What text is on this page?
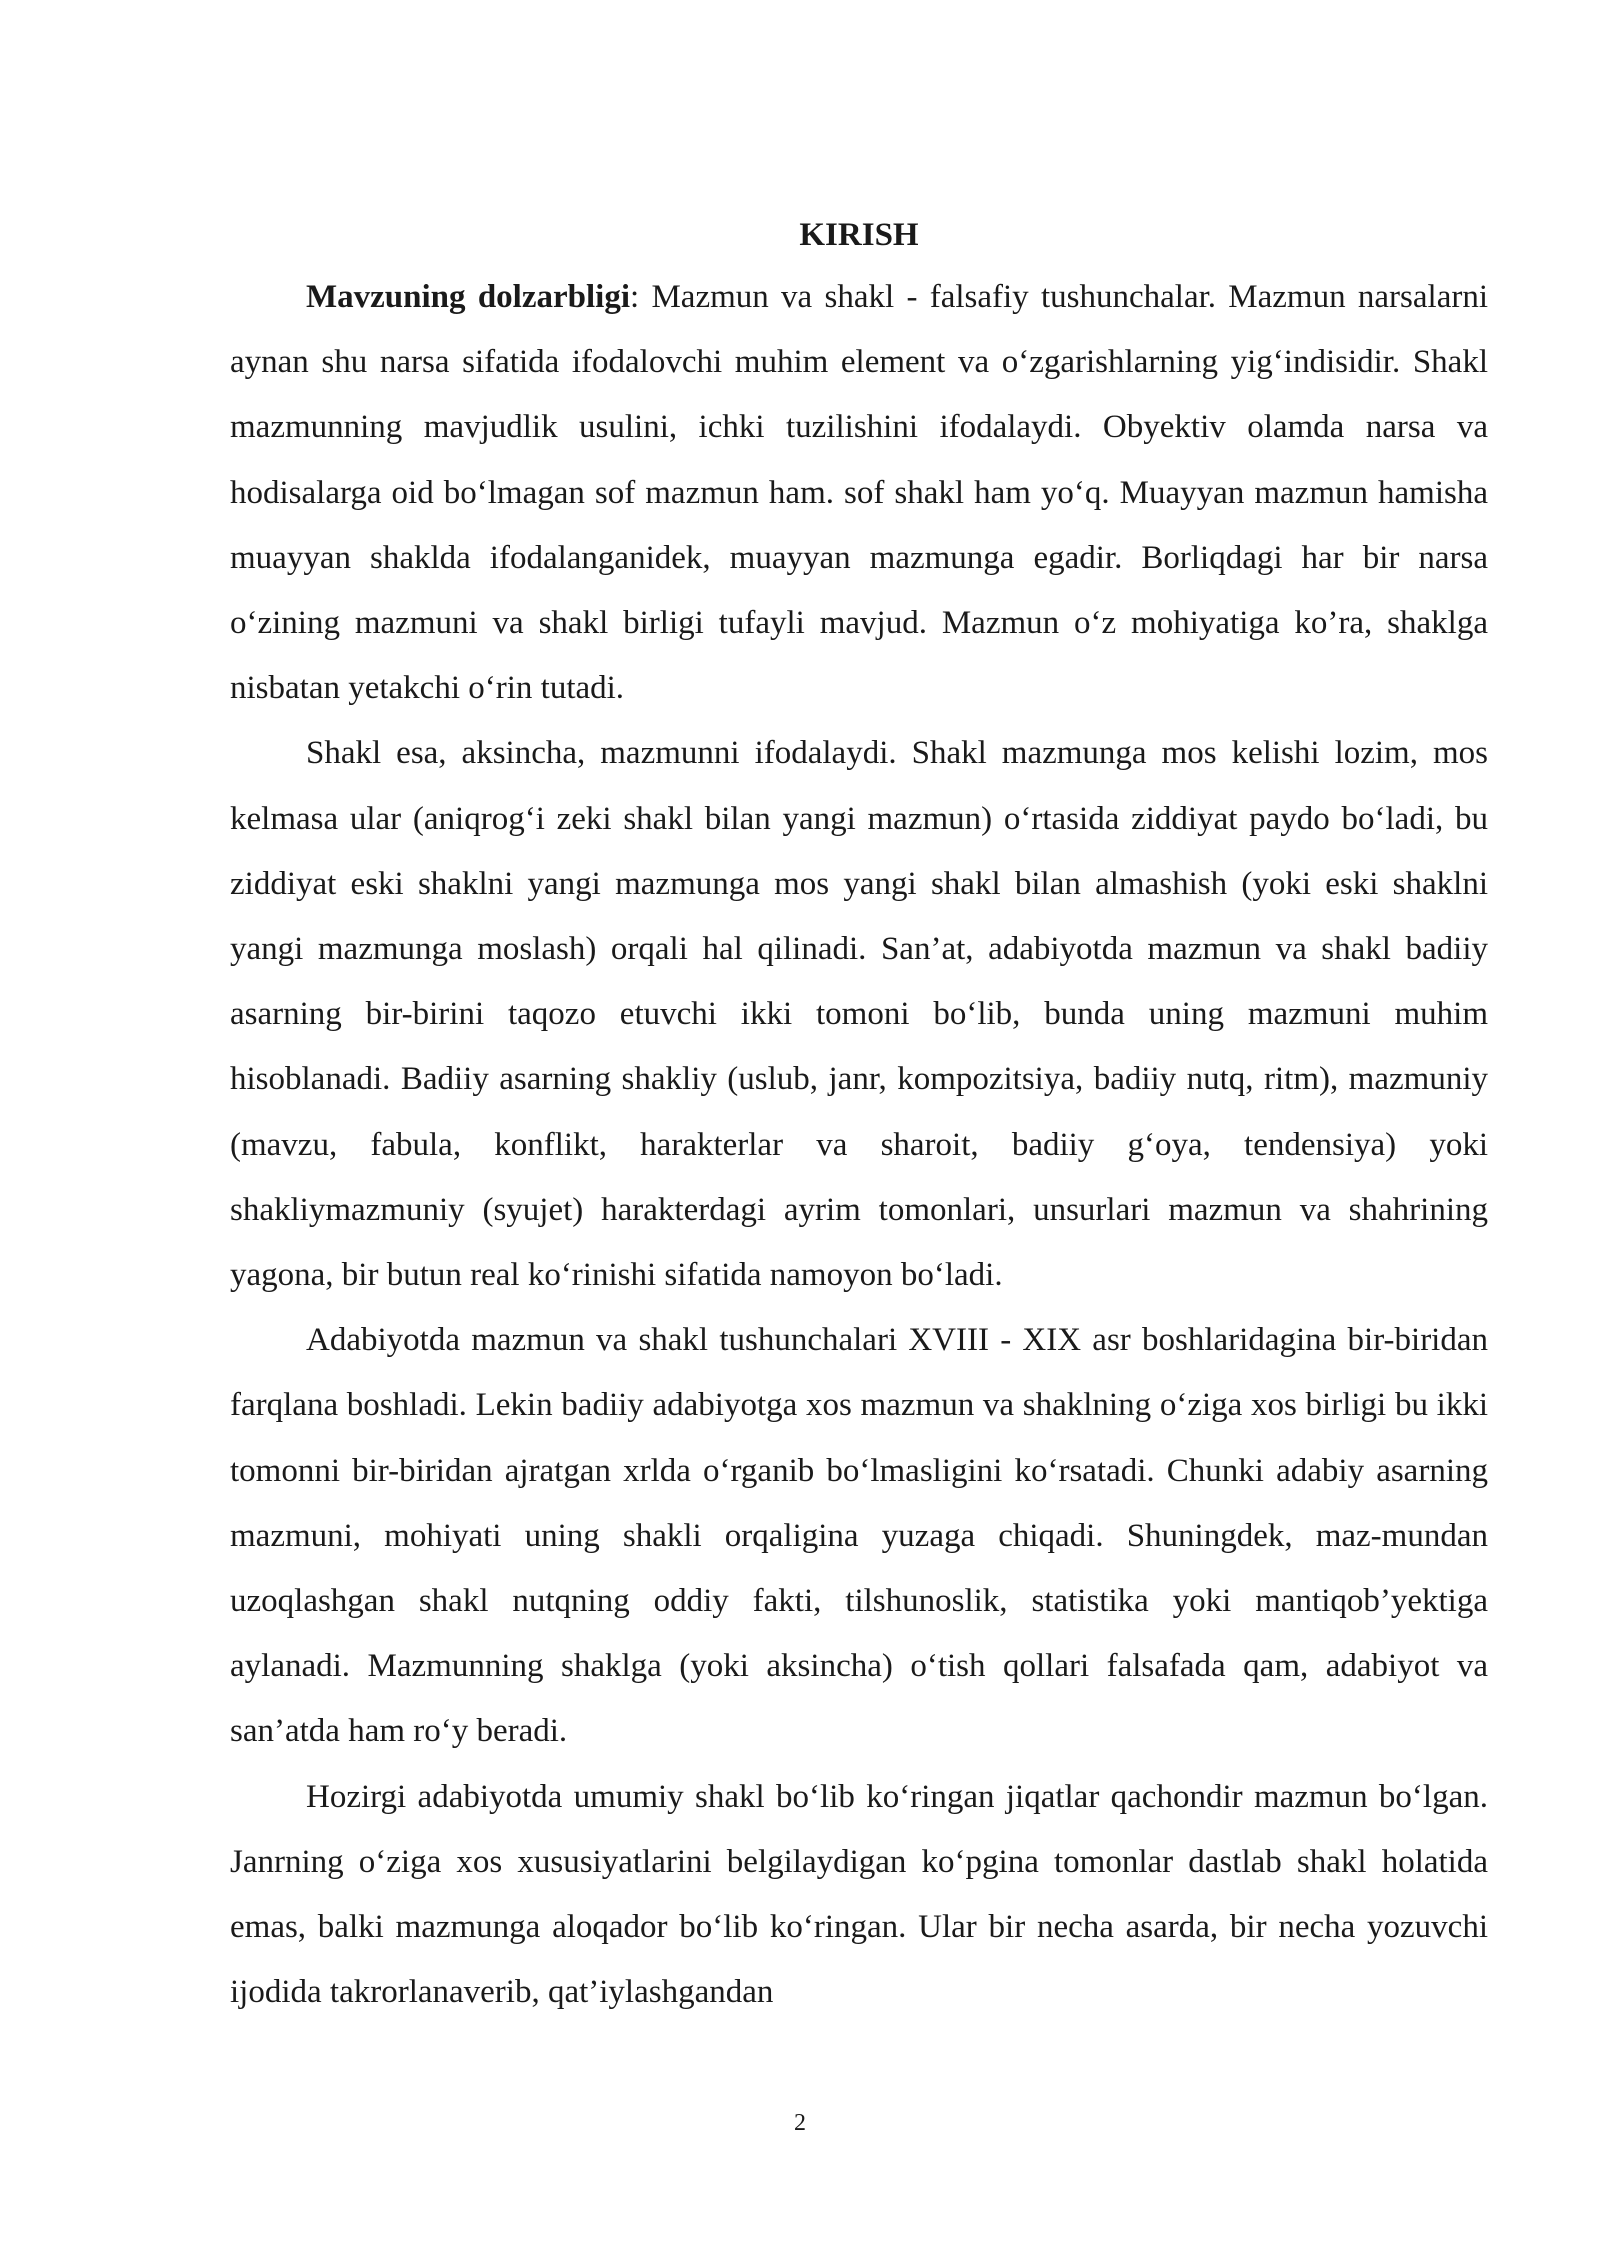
KIRISH

Mavzuning dolzarbligi: Mazmun va shakl - falsafiy tushunchalar. Mazmun narsalarni aynan shu narsa sifatida ifodalovchi muhim element va o‘zgarishlarning yig‘indisidir. Shakl mazmunning mavjudlik usulini, ichki tuzilishini ifodalaydi. Obyektiv olamda narsa va hodisalarga oid bo‘lmagan sof mazmun ham. sof shakl ham yo‘q. Muayyan mazmun hamisha muayyan shaklda ifodalanganidek, muayyan mazmunga egadir. Borliqdagi har bir narsa o‘zining mazmuni va shakl birligi tufayli mavjud. Mazmun o‘z mohiyatiga ko’ra, shaklga nisbatan yetakchi o‘rin tutadi.

Shakl esa, aksincha, mazmunni ifodalaydi. Shakl mazmunga mos kelishi lozim, mos kelmasa ular (aniqrog‘i zeki shakl bilan yangi mazmun) o‘rtasida ziddiyat paydo bo‘ladi, bu ziddiyat eski shaklni yangi mazmunga mos yangi shakl bilan almashish (yoki eski shaklni yangi mazmunga moslash) orqali hal qilinadi. San’at, adabiyotda mazmun va shakl badiiy asarning bir-birini taqozo etuvchi ikki tomoni bo‘lib, bunda uning mazmuni muhim hisoblanadi. Badiiy asarning shakliy (uslub, janr, kompozitsiya, badiiy nutq, ritm), mazmuniy (mavzu, fabula, konflikt, harakterlar va sharoit, badiiy g‘oya, tendensiya) yoki shakliymazmuniy (syujet) harakterdagi ayrim tomonlari, unsurlari mazmun va shahrining yagona, bir butun real ko‘rinishi sifatida namoyon bo‘ladi.

Adabiyotda mazmun va shakl tushunchalari XVIII - XIX asr boshlaridagina bir-biridan farqlana boshladi. Lekin badiiy adabiyotga xos mazmun va shaklning o‘ziga xos birligi bu ikki tomonni bir-biridan ajratgan xrlda o‘rganib bo‘lmasligini ko‘rsatadi. Chunki adabiy asarning mazmuni, mohiyati uning shakli orqaligina yuzaga chiqadi. Shuningdek, maz-mundan uzoqlashgan shakl nutqning oddiy fakti, tilshunoslik, statistika yoki mantiqob’yektiga aylanadi. Mazmunning shaklga (yoki aksincha) o‘tish qollari falsafada qam, adabiyot va san’atda ham ro‘y beradi.

Hozirgi adabiyotda umumiy shakl bo‘lib ko‘ringan jiqatlar qachondir mazmun bo‘lgan. Janrning o‘ziga xos xususiyatlarini belgilaydigan ko‘pgina tomonlar dastlab shakl holatida emas, balki mazmunga aloqador bo‘lib ko‘ringan. Ular bir necha asarda, bir necha yozuvchi ijodida takrorlanaverib, qat’iylashgandan

2
